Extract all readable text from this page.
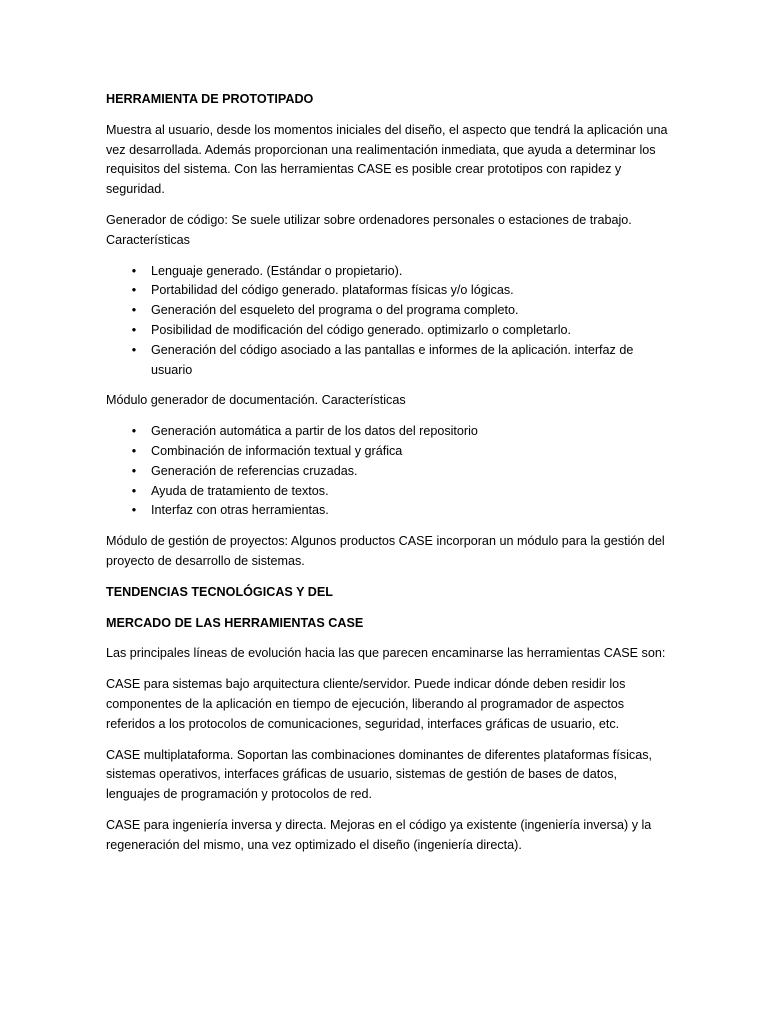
HERRAMIENTA DE PROTOTIPADO
Muestra al usuario, desde los momentos iniciales del diseño, el aspecto que tendrá la aplicación una vez desarrollada. Además proporcionan una realimentación inmediata, que ayuda a determinar los requisitos del sistema. Con las herramientas CASE es posible crear prototipos con rapidez y seguridad.
Generador de código: Se suele utilizar sobre ordenadores personales o estaciones de trabajo. Características
• Lenguaje generado. (Estándar o propietario).
• Portabilidad del código generado. plataformas físicas y/o lógicas.
• Generación del esqueleto del programa o del programa completo.
• Posibilidad de modificación del código generado. optimizarlo o completarlo.
• Generación del código asociado a las pantallas e informes de la aplicación. interfaz de usuario
Módulo generador de documentación. Características
• Generación automática a partir de los datos del repositorio
• Combinación de información textual y gráfica
• Generación de referencias cruzadas.
• Ayuda de tratamiento de textos.
• Interfaz con otras herramientas.
Módulo de gestión de proyectos: Algunos productos CASE incorporan un módulo para la gestión del proyecto de desarrollo de sistemas.
TENDENCIAS TECNOLÓGICAS Y DEL
MERCADO DE LAS HERRAMIENTAS CASE
Las principales líneas de evolución hacia las que parecen encaminarse las herramientas CASE son:
CASE para sistemas bajo arquitectura cliente/servidor. Puede indicar dónde deben residir los componentes de la aplicación en tiempo de ejecución, liberando al programador de aspectos referidos a los protocolos de comunicaciones, seguridad, interfaces gráficas de usuario, etc.
CASE multiplataforma. Soportan las combinaciones dominantes de diferentes plataformas físicas, sistemas operativos, interfaces gráficas de usuario, sistemas de gestión de bases de datos, lenguajes de programación y protocolos de red.
CASE para ingeniería inversa y directa. Mejoras en el código ya existente (ingeniería inversa) y la regeneración del mismo, una vez optimizado el diseño (ingeniería directa).
